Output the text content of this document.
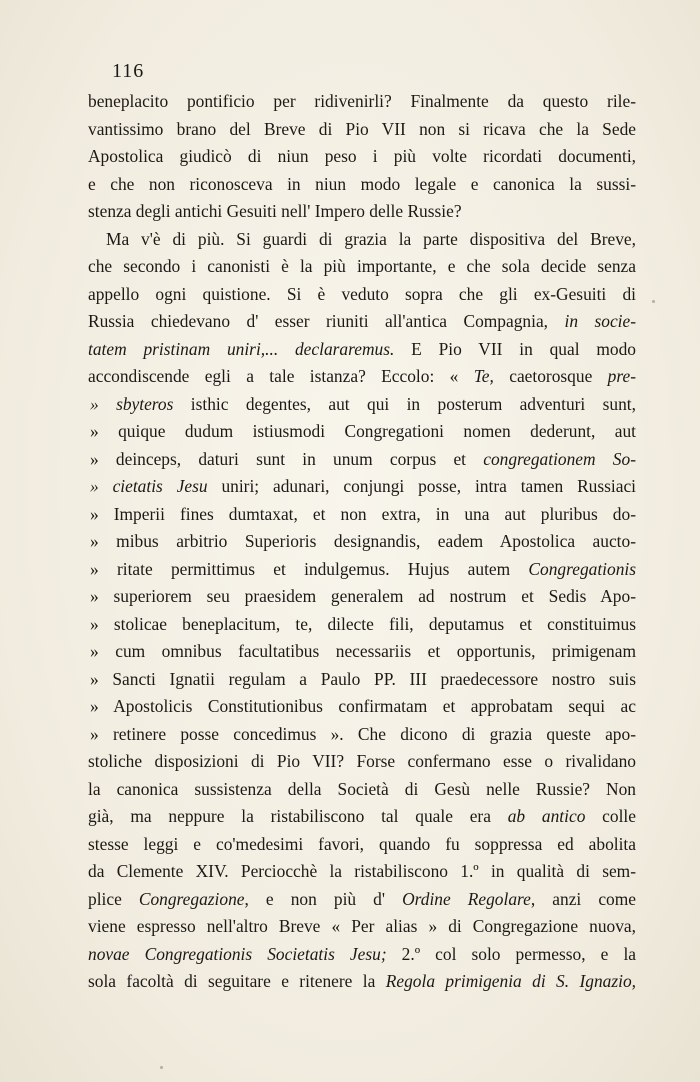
116
beneplacito pontificio per ridivenirli? Finalmente da questo rile-
vantissimo brano del Breve di Pio VII non si ricava che la Sede
Apostolica giudicò di niun peso i più volte ricordati documenti,
e che non riconosceva in niun modo legale e canonica la sussi-
stenza degli antichi Gesuiti nell' Impero delle Russie?
Ma v'è di più. Si guardi di grazia la parte dispositiva del Breve,
che secondo i canonisti è la più importante, e che sola decide senza
appello ogni quistione. Si è veduto sopra che gli ex-Gesuiti di
Russia chiedevano d' esser riuniti all'antica Compagnia, in socie-
tatem pristinam uniri,... declararemus. E Pio VII in qual modo
accondiscende egli a tale istanza? Eccolo: « Te, caetorosque pre-
» sbyteros isthic degentes, aut qui in posterum adventuri sunt,
» quique dudum istiusmodi Congregationi nomen dederunt, aut
» deinceps, daturi sunt in unum corpus et congregationem So-
» cietatis Jesu uniri; adunari, conjungi posse, intra tamen Russiaci
» Imperii fines dumtaxat, et non extra, in una aut pluribus do-
» mibus arbitrio Superioris designandis, eadem Apostolica aucto-
» ritate permittimus et indulgemus. Hujus autem Congregationis
» superiorem seu praesidem generalem ad nostrum et Sedis Apo-
» stolicae beneplacitum, te, dilecte fili, deputamus et constituimus
» cum omnibus facultatibus necessariis et opportunis, primigenam
» Sancti Ignatii regulam a Paulo PP. III praedecessore nostro suis
» Apostolicis Constitutionibus confirmatam et approbatam sequi ac
» retinere posse concedimus ». Che dicono di grazia queste apo-
stoliche disposizioni di Pio VII? Forse confermano esse o rivalidano
la canonica sussistenza della Società di Gesù nelle Russie? Non
già, ma neppure la ristabiliscono tal quale era ab antico colle
stesse leggi e co'medesimi favori, quando fu soppressa ed abolita
da Clemente XIV. Perciocchè la ristabiliscono 1.º in qualità di sem-
plice Congregazione, e non più d' Ordine Regolare, anzi come
viene espresso nell'altro Breve « Per alias » di Congregazione nuova,
novae Congregationis Societatis Jesu; 2.º col solo permesso, e la
sola facoltà di seguitare e ritenere la Regola primigenia di S. Ignazio,
